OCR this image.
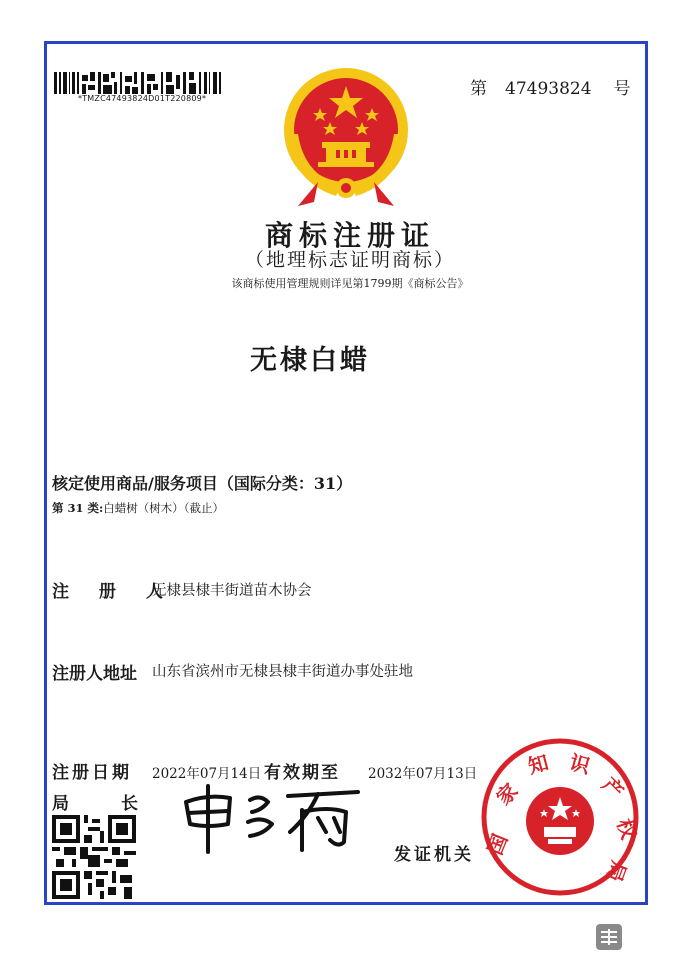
*TMZC47493824D01T220809*	第 47493824 号
商标注册证
（地理标志证明商标）
该商标使用管理规则详见第1799期《商标公告》
无棣白蜡
核定使用商品/服务项目（国际分类：31）
第 31 类:白蜡树（树木）（截止）
注 册 人
无棣县棣丰街道苗木协会
注册人地址 山东省滨州市无棣县棣丰街道办事处驻地
注册日期 2022年07月14日 有效期至 2032年07月13日
局	长
发证机关 国
家
知 识
产
权
局
